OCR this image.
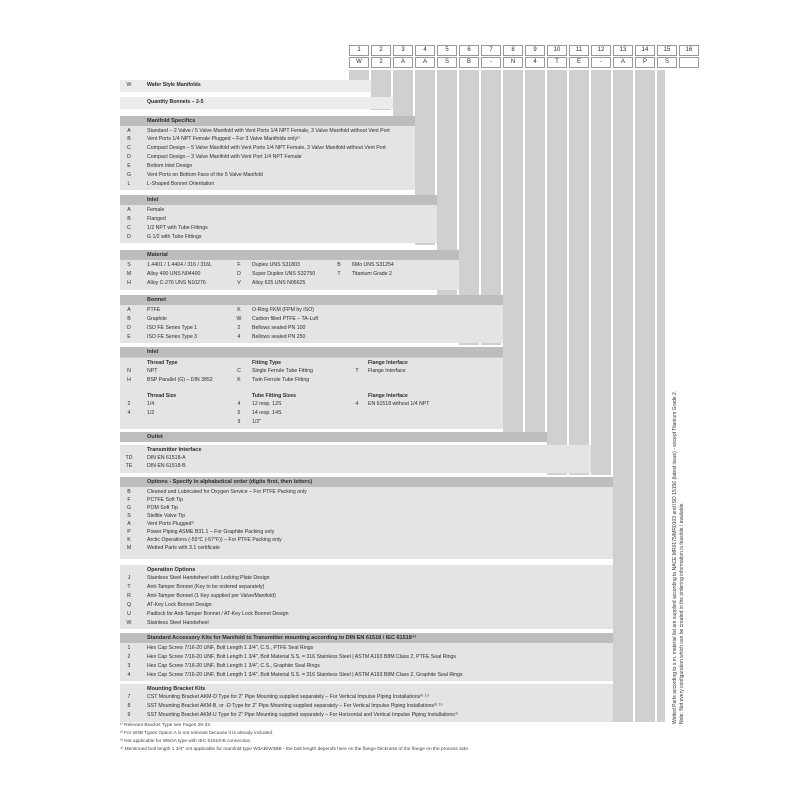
1	2	3	4	5	6	7	8	9	10	11	12	13	14	15	16
W	2	A	A	S	B	-	N	4	T	E	-	A	P	S
W	Wafer Style Manifolds
Quantity Bonnets – 2-5
Manifold Specifics
A	Standard – 2 Valve / 5 Valve Manifold with Vent Ports 1/4 NPT Female, 3 Valve Manifold without Vent Port
B	Vent Ports 1/4 NPT Female Plugged – For 3 Valve Manifolds only¹⁾
C	Compact Design – 5 Valve Manifold with Vent Ports 1/4 NPT Female, 3 Valve Manifold without Vent Port
D	Compact Design – 3 Valve Manifold with Vent Port 1/4 NPT Female
E	Bottom Inlet Design
G	Vent Ports on Bottom Face of the 5 Valve Manifold
L	L-Shaped Bonnet Orientation
Inlet
A	Female
B	Flanged
C	1/2 NPT with Tube Fittings
D	G 1/2 with Tube Fittings
Material
S	1.4401 / 1.4404 / 316 / 316L	F	Duplex UNS S31803	B	6Mo UNS S31254
M	Alloy 400 UNS N04400	D	Super Duplex UNS S32750	T	Titanium Grade 2
H	Alloy C-276 UNS N10276	V	Alloy 625 UNS N06625
Bonnet
A	PTFE	K	O-Ring FKM (FPM by ISO)
B	Graphite	W	Carbon filled PTFE – TA-Luft
D	ISO FE Series Type 1	2	Bellows sealed PN 100
E	ISO FE Series Type 3	4	Bellows sealed PN 250
Inlet
Thread Type	Fitting Type	Flange Interface
N	NPT	C	Single Ferrule Tube Fitting	T	Flange Interface
H	BSP Parallel (G) – DIN 3852	K	Twin Ferrule Tube Fitting
Thread Size	Tube Fitting Sizes	Flange Interface
2	1/4	4	12 resp. 12S	4	EN 61518 without 1/4 NPT
4	1/2	5	14 resp. 14S
9	1/2"
Outlet
Transmitter Interface
TD	DIN EN 61518-A
TE	DIN EN 61518-B
Options - Specify in alphabetical order (digits first, then letters)
B	Cleaned and Lubricated for Oxygen Service – For PTFE Packing only
F	PCTFE Soft Tip
G	POM Soft Tip
S	Stellite Valve Tip
A	Vent Ports Plugged²⁾
P	Power Piping ASME B31.1 – For Graphite Packing only
K	Arctic Operations (-55°C (-67°F)) – For PTFE Packing only
M	Wetted Parts with 3.1 certificate
Operation Options
J	Stainless Steel Handwheel with Locking Plate Design
T	Anti-Tamper Bonnet (Key to be ordered separately)
R	Anti-Tamper Bonnet (1 Key supplied per Valve/Manifold)
Q	AT-Key Lock Bonnet Design
U	Padlock for Anti-Tamper Bonnet / AT-Key Lock Bonnet Design
W	Stainless Steel Handwheel
Standard Accessory Kits for Manifold to Transmitter mounting according to DIN EN 61518 / IEC 61518⁴⁾
1	Hex Cap Screw 7/16-20 UNF, Bolt Length 1 3/4", C.S., PTFE Seal Rings
2	Hex Cap Screw 7/16-20 UNF, Bolt Length 1 3/4", Bolt Material S.S. = 316 Stainless Steel | ASTM A193 B8M Class 2, PTFE Seal Rings
3	Hex Cap Screw 7/16-20 UNF, Bolt Length 1 3/4", C.S., Graphite Seal Rings
4	Hex Cap Screw 7/16-20 UNF, Bolt Length 1 3/4", Bolt Material S.S. = 316 Stainless Steel | ASTM A193 B8M Class 2, Graphite Seal Rings
Mounting Bracket Kits
7	CST Mounting Bracket AKM-D Type for 2" Pipe Mounting supplied separately – For Vertical Impulse Piping Installations³⁾ ¹⁾⁾
8	SST Mounting Bracket AKM-B, or -D Type for 2" Pipe Mounting supplied separately – For Vertical Impulse Piping Installations³⁾ ¹⁾⁾
9	SST Mounting Bracket AKM-U Type for 2" Pipe Mounting supplied separately – For Horizontal and Vertical Impulse Piping Installations⁴⁾
¹⁾ Relevant Bracket Type see Pages 28-33.
²⁾ For W3B Types Option A is not relevant because it is already included.
³⁾ Not applicable for W5GA type with IEC 61518-B connection.
⁴⁾ Mentioned bolt length 1 3/4" not applicable for manifold type W3AB/W3BB - the bolt length depends here on the flange thickness of the flange on the process side.
Wetted Parts according to s.m. material list are supplied according to NACE MR0175/MR0103 and ISO 15156 (latest issue) - except Titanium Grade 2. Note: Not every configuration which can be created in the ordering information is feasible / available.
